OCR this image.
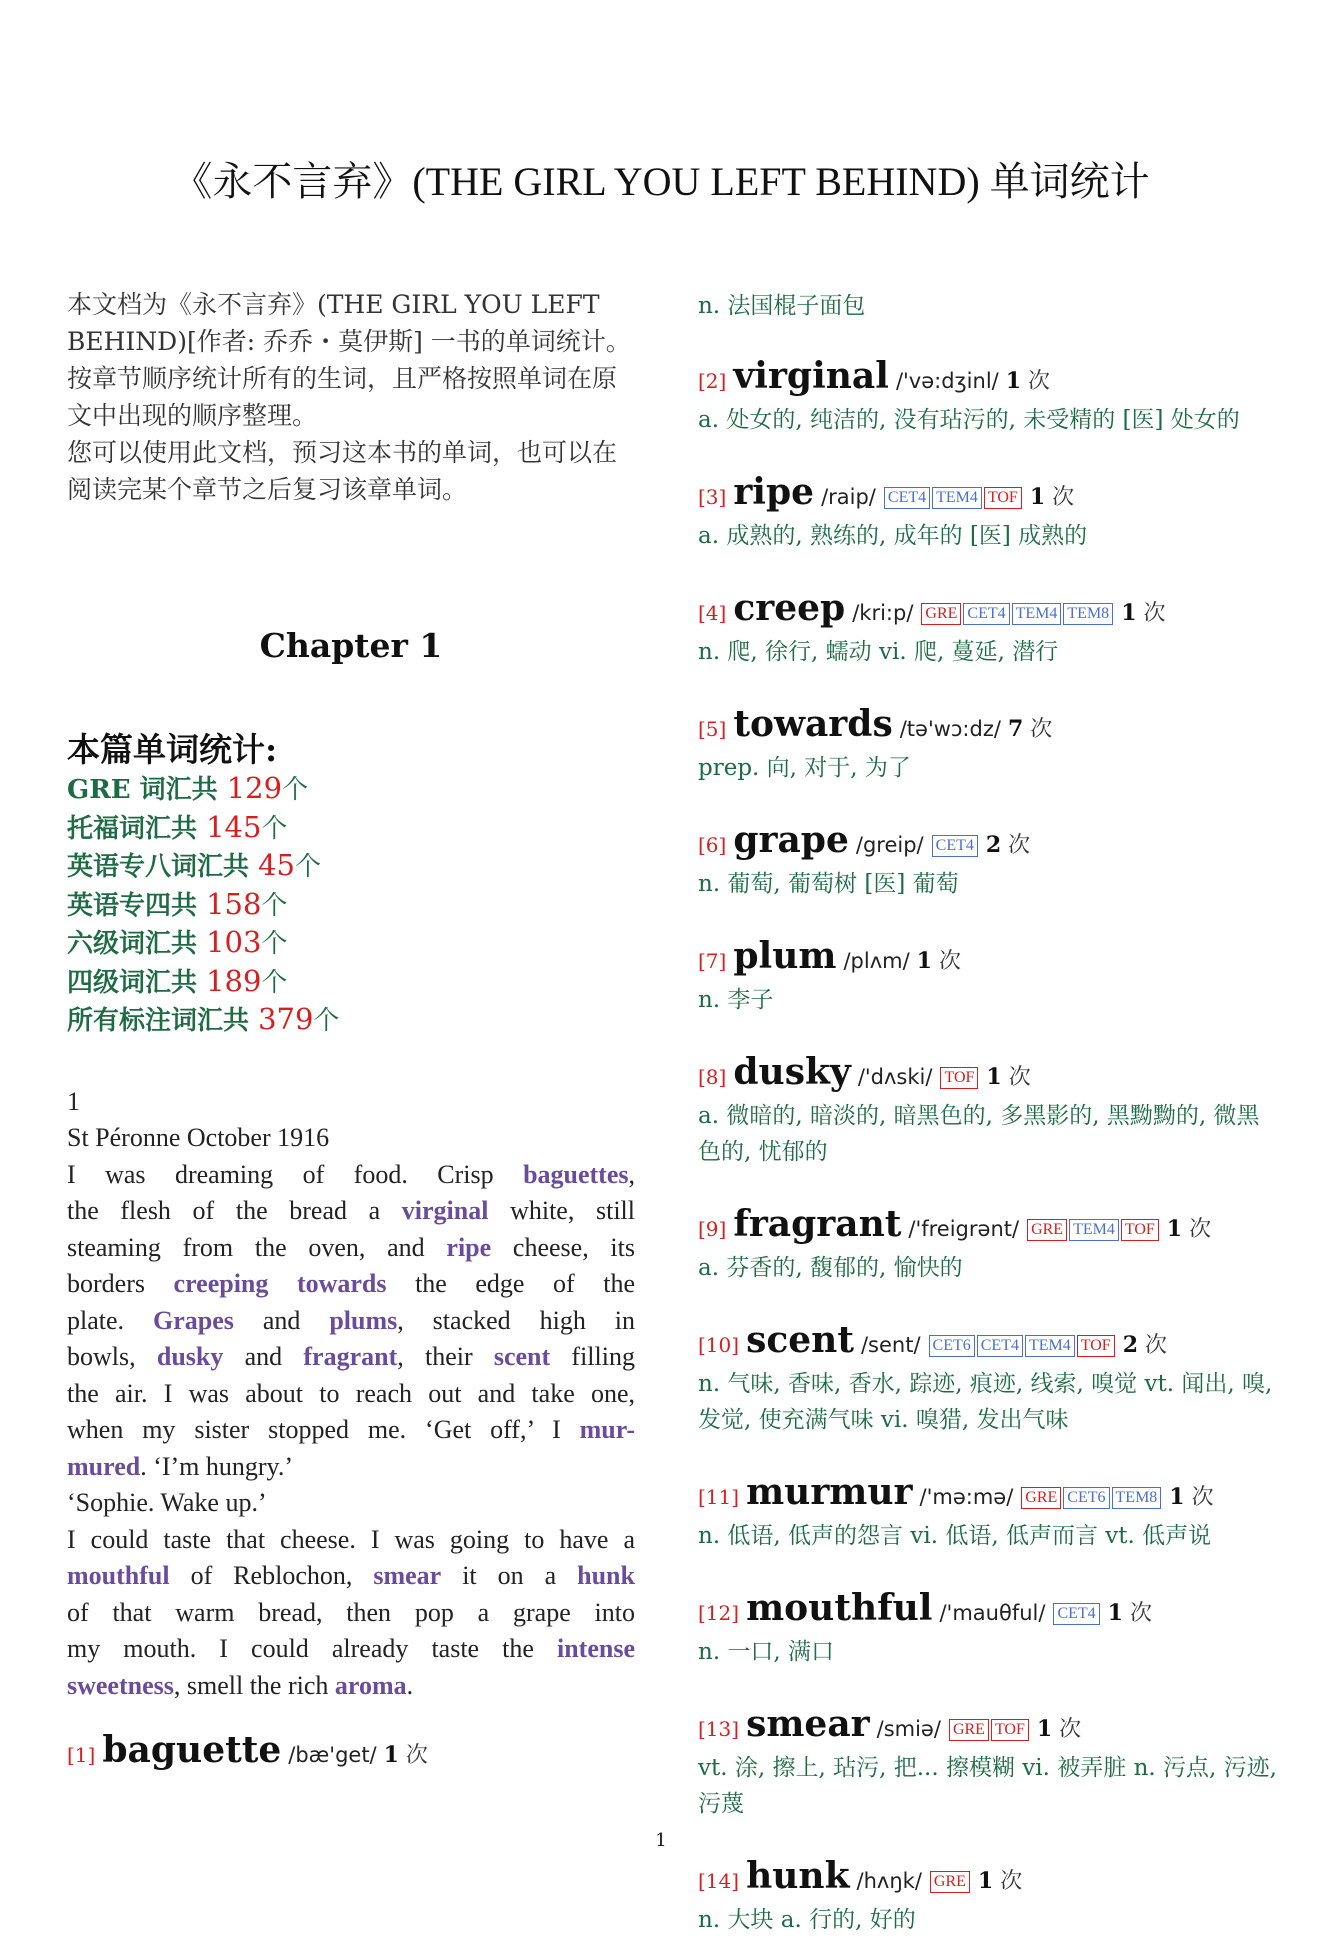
《永不言弃》(THE GIRL YOU LEFT BEHIND) 单词统计

本文档为《永不言弃》(THE GIRL YOU LEFT BEHIND)[作者: 乔乔・莫伊斯] 一书的单词统计。

按章节顺序统计所有的生词，且严格按照单词在原文中出现的顺序整理。

您可以使用此文档，预习这本书的单词，也可以在阅读完某个章节之后复习该章单词。

Chapter 1
本篇单词统计:
GRE 词汇共 129个
托福词汇共 145个
英语专八词汇共 45个
英语专四共 158个
六级词汇共 103个
四级词汇共 189个
所有标注词汇共 379个
1
St Péronne October 1916
I was dreaming of food. Crisp baguettes,
the flesh of the bread a virginal white, still
steaming from the oven, and ripe cheese, its
borders creeping towards the edge of the
plate. Grapes and plums, stacked high in
bowls, dusky and fragrant, their scent filling
the air. I was about to reach out and take one,
when my sister stopped me. ‘Get off,’ I mur-
mured. ‘I’m hungry.’
‘Sophie. Wake up.’
I could taste that cheese. I was going to have a
mouthful of Reblochon, smear it on a hunk
of that warm bread, then pop a grape into
my mouth. I could already taste the intense
sweetness, smell the rich aroma.
[1] baguette /bæ'get/ 1 次
n. 法国棍子面包
[2] virginal /'və:dʒinl/ 1 次
a. 处女的, 纯洁的, 没有玷污的, 未受精的 [医] 处女的
[3] ripe /raip/ CET4 TEM4 TOF 1 次
a. 成熟的, 熟练的, 成年的 [医] 成熟的
[4] creep /kri:p/ GRE CET4 TEM4 TEM8 1 次
n. 爬, 徐行, 蠕动 vi. 爬, 蔓延, 潜行
[5] towards /tə'wɔ:dz/ 7 次
prep. 向, 对于, 为了
[6] grape /greip/ CET4 2 次
n. 葡萄, 葡萄树 [医] 葡萄
[7] plum /plʌm/ 1 次
n. 李子
[8] dusky /'dʌski/ TOF 1 次
a. 微暗的, 暗淡的, 暗黑色的, 多黑影的, 黑黝黝的, 微黑色的, 忧郁的
[9] fragrant /'freigrənt/ GRE TEM4 TOF 1 次
a. 芬香的, 馥郁的, 愉快的
[10] scent /sent/ CET6 CET4 TEM4 TOF 2 次
n. 气味, 香味, 香水, 踪迹, 痕迹, 线索, 嗅觉 vt. 闻出, 嗅, 发觉, 使充满气味 vi. 嗅猎, 发出气味
[11] murmur /'mə:mə/ GRE CET6 TEM8 1 次
n. 低语, 低声的怨言 vi. 低语, 低声而言 vt. 低声说
[12] mouthful /'mauθful/ CET4 1 次
n. 一口, 满口
[13] smear /smiə/ GRE TOF 1 次
vt. 涂, 擦上, 玷污, 把... 擦模糊 vi. 被弄脏 n. 污点, 污迹, 污蔑
[14] hunk /hʌŋk/ GRE 1 次
n. 大块 a. 行的, 好的
1
